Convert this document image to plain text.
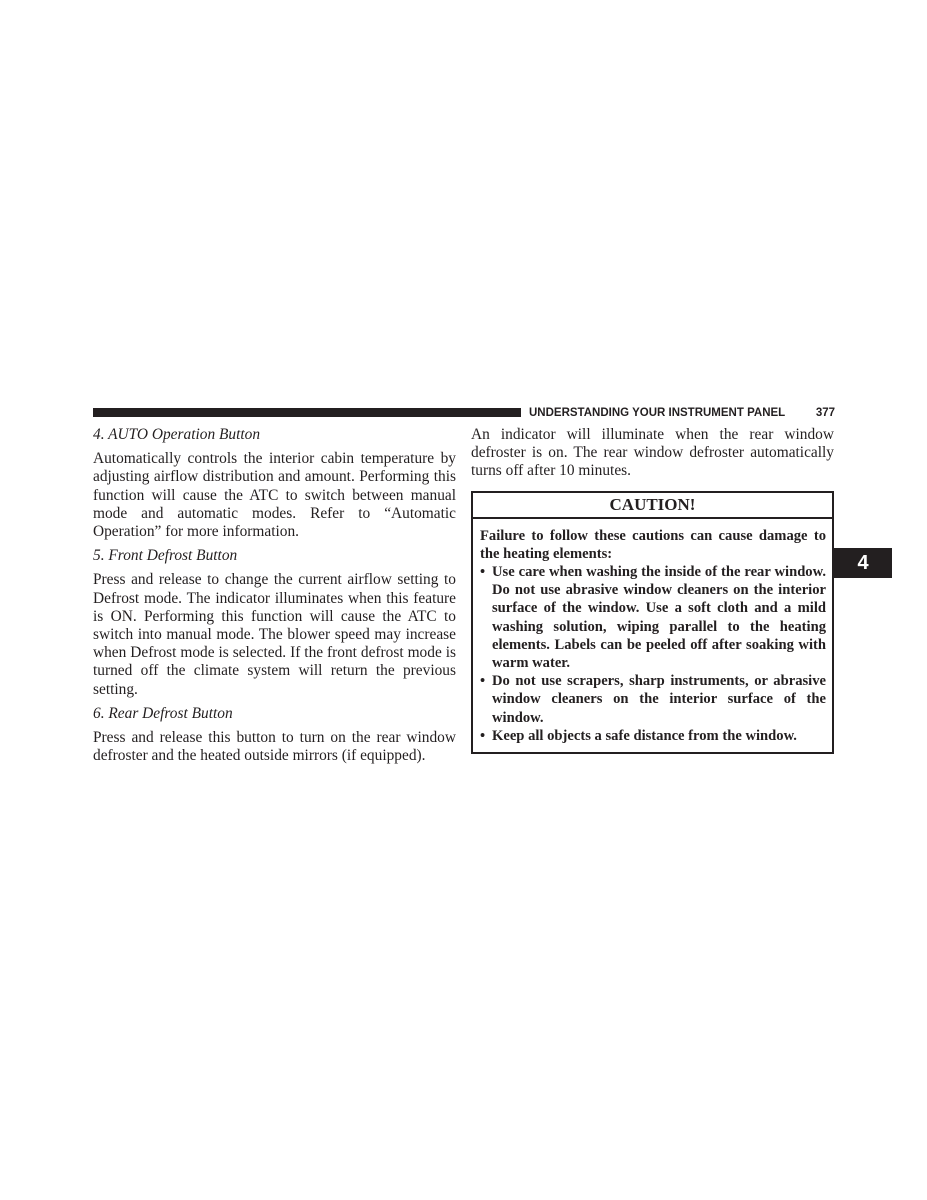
UNDERSTANDING YOUR INSTRUMENT PANEL	377
4. AUTO Operation Button
Automatically controls the interior cabin temperature by adjusting airflow distribution and amount. Performing this function will cause the ATC to switch between manual mode and automatic modes. Refer to “Automatic Operation” for more information.
5. Front Defrost Button
Press and release to change the current airflow setting to Defrost mode. The indicator illuminates when this feature is ON. Performing this function will cause the ATC to switch into manual mode. The blower speed may increase when Defrost mode is selected. If the front defrost mode is turned off the climate system will return the previous setting.
6. Rear Defrost Button
Press and release this button to turn on the rear window defroster and the heated outside mirrors (if equipped).
An indicator will illuminate when the rear window defroster is on. The rear window defroster automatically turns off after 10 minutes.
CAUTION!

Failure to follow these cautions can cause damage to the heating elements:

• Use care when washing the inside of the rear window. Do not use abrasive window cleaners on the interior surface of the window. Use a soft cloth and a mild washing solution, wiping parallel to the heating elements. Labels can be peeled off after soaking with warm water.
• Do not use scrapers, sharp instruments, or abrasive window cleaners on the interior surface of the window.
• Keep all objects a safe distance from the window.
4
